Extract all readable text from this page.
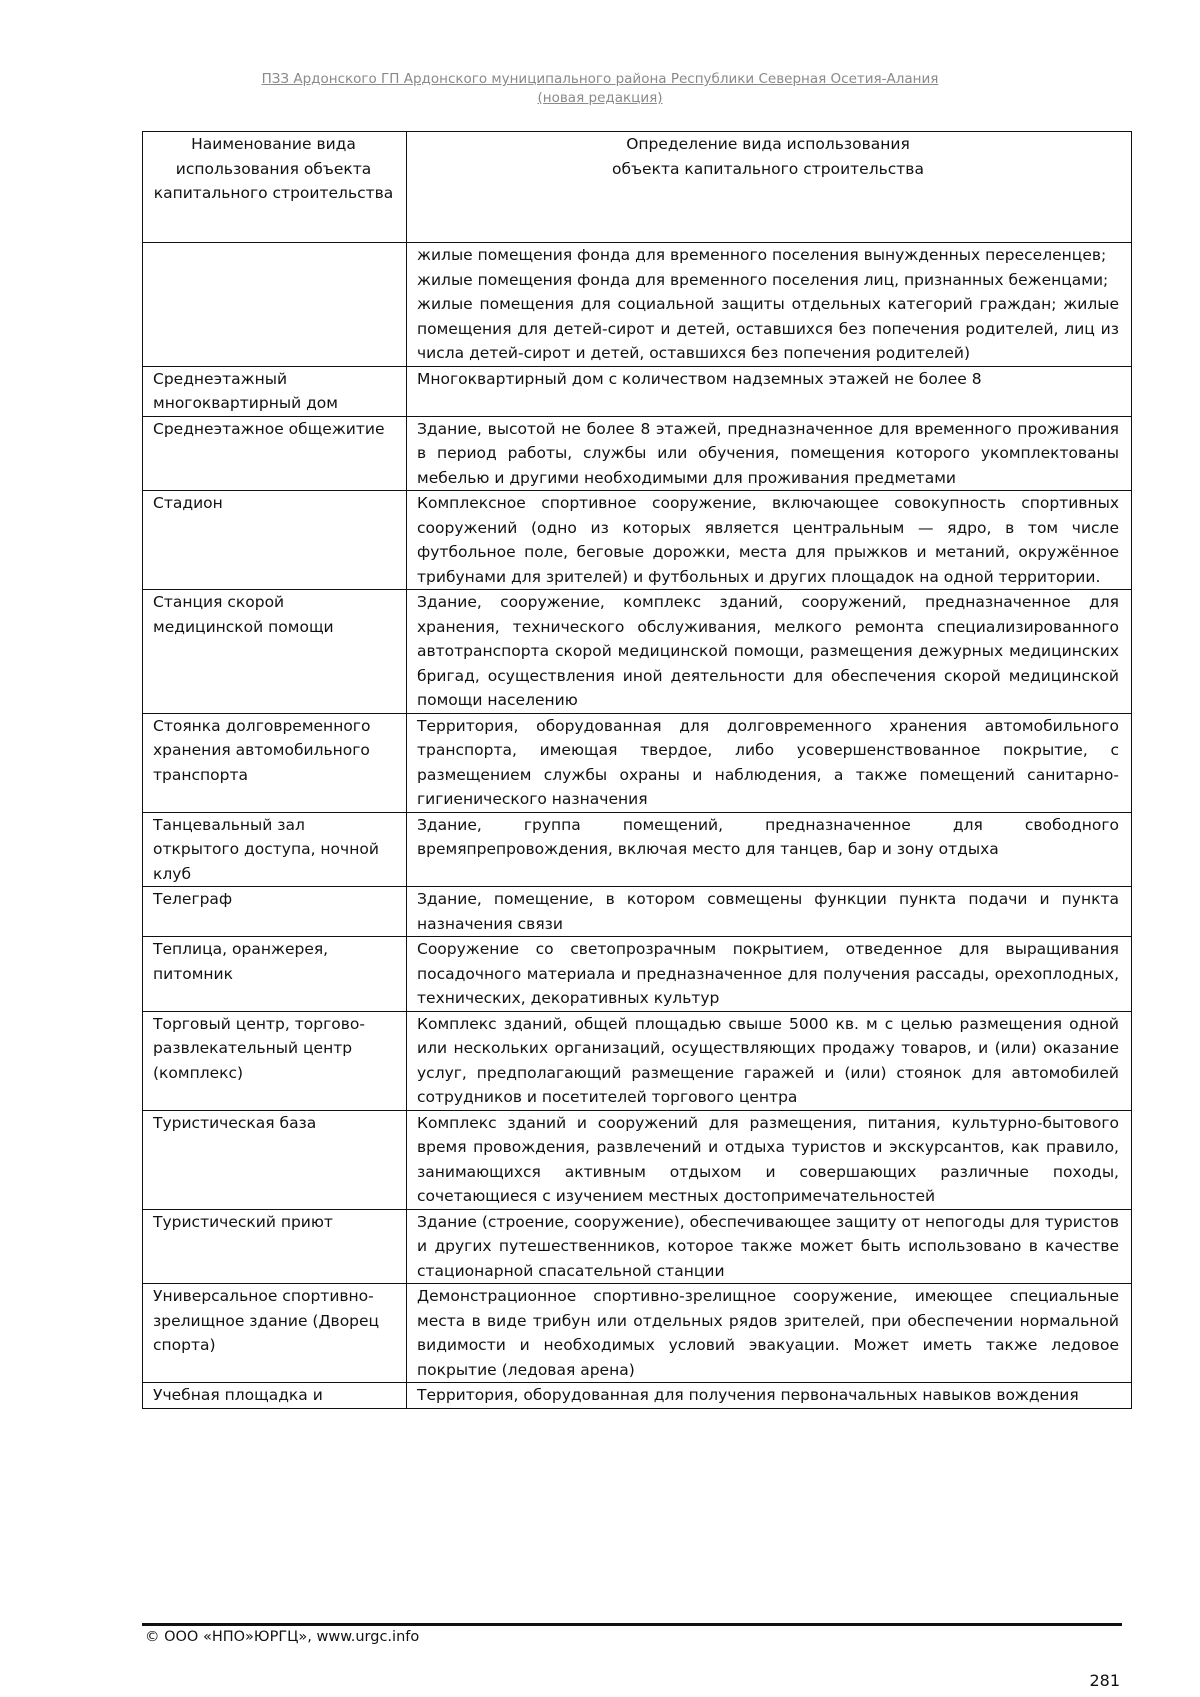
ПЗЗ Ардонского ГП Ардонского муниципального района Республики Северная Осетия-Алания
(новая редакция)
Наименование вида использования объекта капитального строительства	Определение вида использования
объекта капитального строительства

	жилые помещения фонда для временного поселения вынужденных переселенцев;
жилые помещения фонда для временного поселения лиц, признанных беженцами;
жилые помещения для социальной защиты отдельных категорий граждан; жилые помещения для детей-сирот и детей, оставшихся без попечения родителей, лиц из числа детей-сирот и детей, оставшихся без попечения родителей)
Среднеэтажный многоквартирный дом	Многоквартирный дом с количеством надземных этажей не более 8
Среднеэтажное общежитие	Здание, высотой не более 8 этажей, предназначенное для временного проживания в период работы, службы или обучения, помещения которого укомплектованы мебелью и другими необходимыми для проживания предметами
Стадион	Комплексное спортивное сооружение, включающее совокупность спортивных сооружений (одно из которых является центральным — ядро, в том числе футбольное поле, беговые дорожки, места для прыжков и метаний, окружённое трибунами для зрителей) и футбольных и других площадок на одной территории.
Станция скорой медицинской помощи	Здание, сооружение, комплекс зданий, сооружений, предназначенное для хранения, технического обслуживания, мелкого ремонта специализированного автотранспорта скорой медицинской помощи, размещения дежурных медицинских бригад, осуществления иной деятельности для обеспечения скорой медицинской помощи населению
Стоянка долговременного хранения автомобильного транспорта	Территория, оборудованная для долговременного хранения автомобильного транспорта, имеющая твердое, либо усовершенствованное покрытие, с размещением службы охраны и наблюдения, а также помещений санитарно-гигиенического назначения
Танцевальный зал открытого доступа, ночной клуб	Здание, группа помещений, предназначенное для свободного времяпрепровождения, включая место для танцев, бар и зону отдыха
Телеграф	Здание, помещение, в котором совмещены функции пункта подачи и пункта назначения связи
Теплица, оранжерея, питомник	Сооружение со светопрозрачным покрытием, отведенное для выращивания посадочного материала и предназначенное для получения рассады, орехоплодных, технических, декоративных культур
Торговый центр, торгово-развлекательный центр (комплекс)	Комплекс зданий, общей площадью свыше 5000 кв. м с целью размещения одной или нескольких организаций, осуществляющих продажу товаров, и (или) оказание услуг, предполагающий размещение гаражей и (или) стоянок для автомобилей сотрудников и посетителей торгового центра
Туристическая база	Комплекс зданий и сооружений для размещения, питания, культурно-бытового время провождения, развлечений и отдыха туристов и экскурсантов, как правило, занимающихся активным отдыхом и совершающих различные походы, сочетающиеся с изучением местных достопримечательностей
Туристический приют	Здание (строение, сооружение), обеспечивающее защиту от непогоды для туристов и других путешественников, которое также может быть использовано в качестве стационарной спасательной станции
Универсальное спортивно-зрелищное здание (Дворец спорта)	Демонстрационное спортивно-зрелищное сооружение, имеющее специальные места в виде трибун или отдельных рядов зрителей, при обеспечении нормальной видимости и необходимых условий эвакуации. Может иметь также ледовое покрытие (ледовая арена)
Учебная площадка и	Территория, оборудованная для получения первоначальных навыков вождения
© ООО «НПО»ЮРГЦ», www.urgc.info
281
